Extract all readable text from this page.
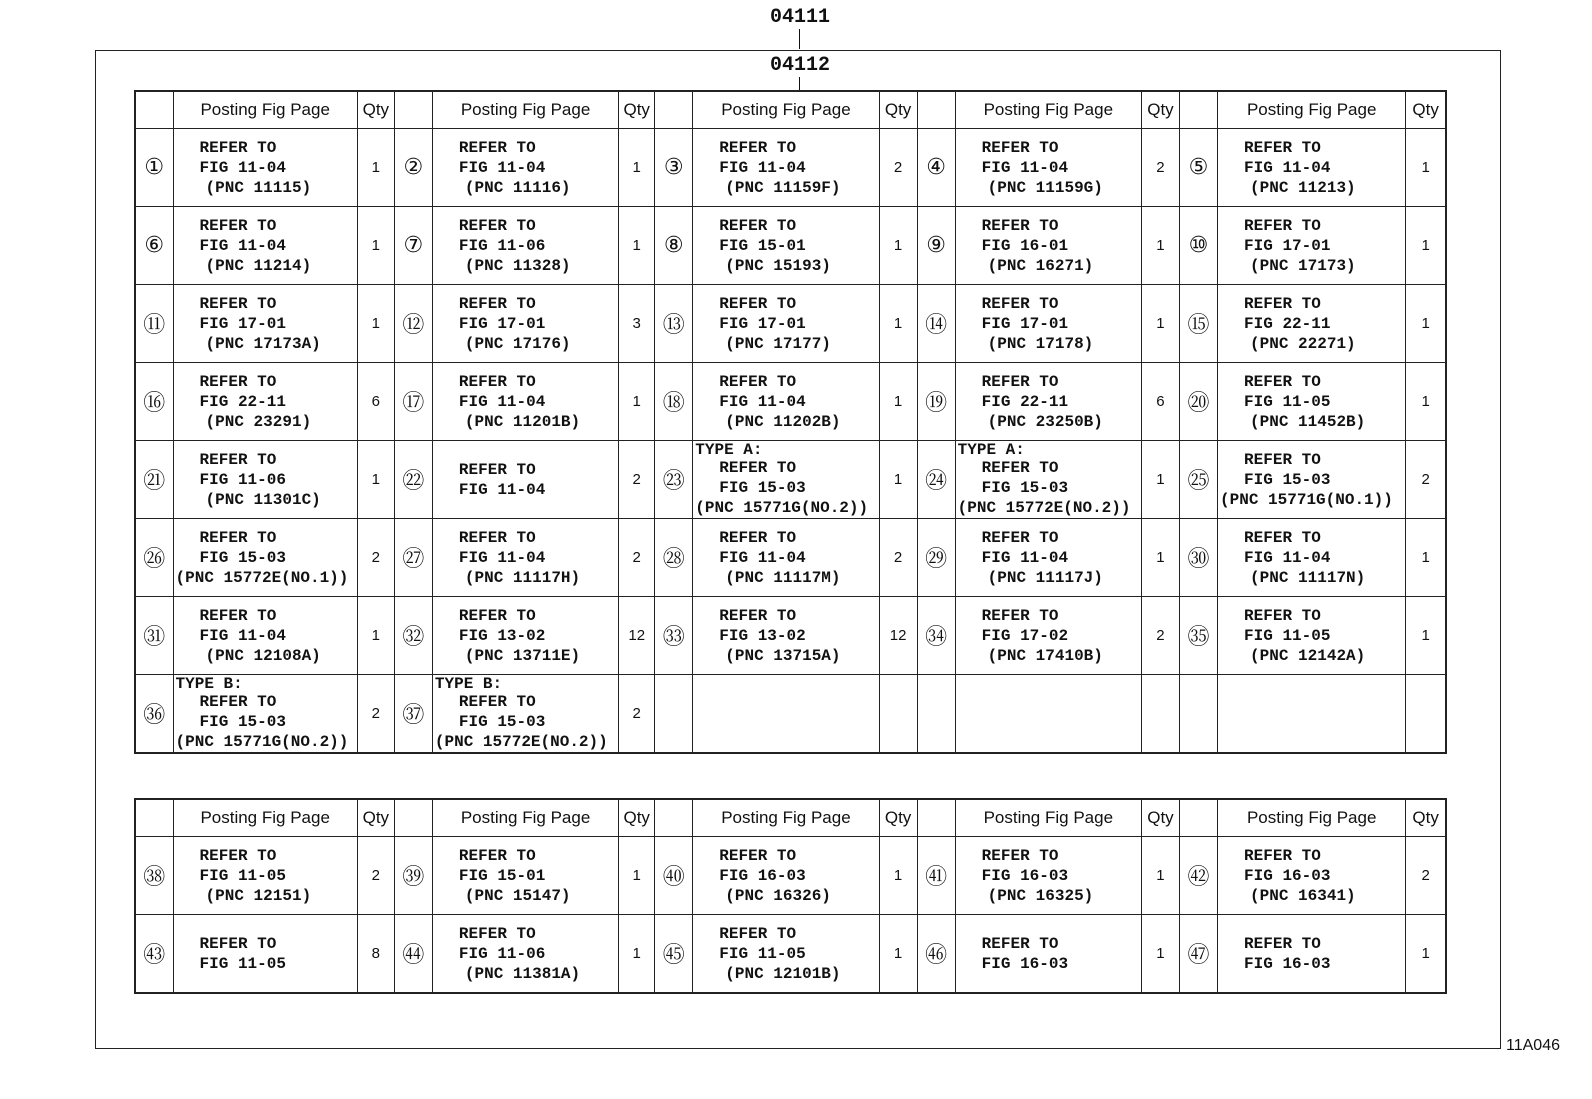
04111
04112
	Posting Fig Page	Qty		Posting Fig Page	Qty		Posting Fig Page	Qty		Posting Fig Page	Qty		Posting Fig Page	Qty
①	REFER TO
FIG 11-04
(PNC 11115)	1	②	REFER TO
FIG 11-04
(PNC 11116)	1	③	REFER TO
FIG 11-04
(PNC 11159F)	2	④	REFER TO
FIG 11-04
(PNC 11159G)	2	⑤	REFER TO
FIG 11-04
(PNC 11213)	1
⑥	REFER TO
FIG 11-04
(PNC 11214)	1	⑦	REFER TO
FIG 11-06
(PNC 11328)	1	⑧	REFER TO
FIG 15-01
(PNC 15193)	1	⑨	REFER TO
FIG 16-01
(PNC 16271)	1	⑩	REFER TO
FIG 17-01
(PNC 17173)	1
⑪	REFER TO
FIG 17-01
(PNC 17173A)	1	⑫	REFER TO
FIG 17-01
(PNC 17176)	3	⑬	REFER TO
FIG 17-01
(PNC 17177)	1	⑭	REFER TO
FIG 17-01
(PNC 17178)	1	⑮	REFER TO
FIG 22-11
(PNC 22271)	1
⑯	REFER TO
FIG 22-11
(PNC 23291)	6	⑰	REFER TO
FIG 11-04
(PNC 11201B)	1	⑱	REFER TO
FIG 11-04
(PNC 11202B)	1	⑲	REFER TO
FIG 22-11
(PNC 23250B)	6	⑳	REFER TO
FIG 11-05
(PNC 11452B)	1
㉑	REFER TO
FIG 11-06
(PNC 11301C)	1	㉒	REFER TO
FIG 11-04	2	㉓	TYPE A:
REFER TO
FIG 15-03
(PNC 15771G(NO.2))	1	㉔	TYPE A:
REFER TO
FIG 15-03
(PNC 15772E(NO.2))	1	㉕	REFER TO
FIG 15-03
(PNC 15771G(NO.1))	2
㉖	REFER TO
FIG 15-03
(PNC 15772E(NO.1))	2	㉗	REFER TO
FIG 11-04
(PNC 11117H)	2	㉘	REFER TO
FIG 11-04
(PNC 11117M)	2	㉙	REFER TO
FIG 11-04
(PNC 11117J)	1	㉚	REFER TO
FIG 11-04
(PNC 11117N)	1
㉛	REFER TO
FIG 11-04
(PNC 12108A)	1	㉜	REFER TO
FIG 13-02
(PNC 13711E)	12	㉝	REFER TO
FIG 13-02
(PNC 13715A)	12	㉞	REFER TO
FIG 17-02
(PNC 17410B)	2	㉟	REFER TO
FIG 11-05
(PNC 12142A)	1
㊱	TYPE B:
REFER TO
FIG 15-03
(PNC 15771G(NO.2))	2	㊲	TYPE B:
REFER TO
FIG 15-03
(PNC 15772E(NO.2))	2									
	Posting Fig Page	Qty		Posting Fig Page	Qty		Posting Fig Page	Qty		Posting Fig Page	Qty		Posting Fig Page	Qty
㊳	REFER TO
FIG 11-05
(PNC 12151)	2	㊴	REFER TO
FIG 15-01
(PNC 15147)	1	㊵	REFER TO
FIG 16-03
(PNC 16326)	1	㊶	REFER TO
FIG 16-03
(PNC 16325)	1	㊷	REFER TO
FIG 16-03
(PNC 16341)	2
㊸	REFER TO
FIG 11-05	8	㊹	REFER TO
FIG 11-06
(PNC 11381A)	1	㊺	REFER TO
FIG 11-05
(PNC 12101B)	1	㊻	REFER TO
FIG 16-03	1	㊼	REFER TO
FIG 16-03	1
11A046
